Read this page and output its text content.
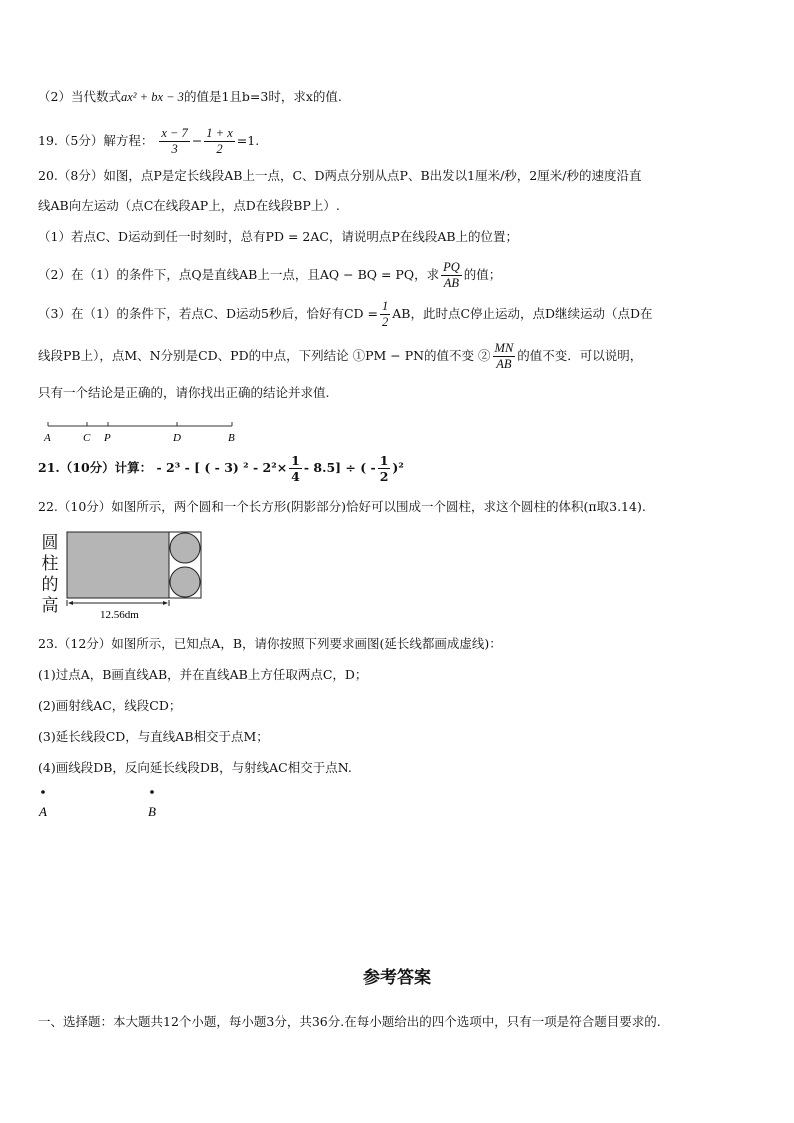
（2）当代数式ax² + bx − 3的值是1且b=3时，求x的值.
19.（5分）解方程： $\frac{x - 7}{3} - \frac{1 + x}{2} =1$.
20.（8分）如图，点P是定长线段AB上一点，C、D两点分别从点P、B出发以1厘米/秒，2厘米/秒的速度沿直
线AB向左运动（点C在线段AP上，点D在线段BP上）.
（1）若点C、D运动到任一时刻时，总有PD = 2AC，请说明点P在线段AB上的位置；
（2）在（1）的条件下，点Q是直线AB上一点，且AQ − BQ = PQ，求 $\frac{PQ}{AB}$ 的值；
（3）在（1）的条件下，若点C、D运动5秒后，恰好有CD = $\frac{1}{2}$ AB，此时点C停止运动，点D继续运动（点D在
线段PB上），点M、N分别是CD、PD的中点，下列结论 ①PM − PN的值不变 ② $\frac{MN}{AB}$ 的值不变．可以说明，
只有一个结论是正确的，请你找出正确的结论并求值.
A	C P	D	B
21.（10分）计算： - 2³ - [ ( - 3) $^2 - 2^2\times \frac{1}{4} - 8.5$] ÷ ( - $\frac{1}{2} )^2$
22.（10分）如图所示，两个圆和一个长方形(阴影部分)恰好可以围成一个圆柱，求这个圆柱的体积(π取3.14).
圆
柱
的
高	12.56dm
23.（12分）如图所示，已知点A，B，请你按照下列要求画图(延长线都画成虚线)：
(1)过点A，B画直线AB，并在直线AB上方任取两点C，D；
(2)画射线AC，线段CD；
(3)延长线段CD，与直线AB相交于点M；
(4)画线段DB，反向延长线段DB，与射线AC相交于点N.
A	B
参考答案
一、选择题：本大题共12个小题，每小题3分，共36分.在每小题给出的四个选项中，只有一项是符合题目要求的.
